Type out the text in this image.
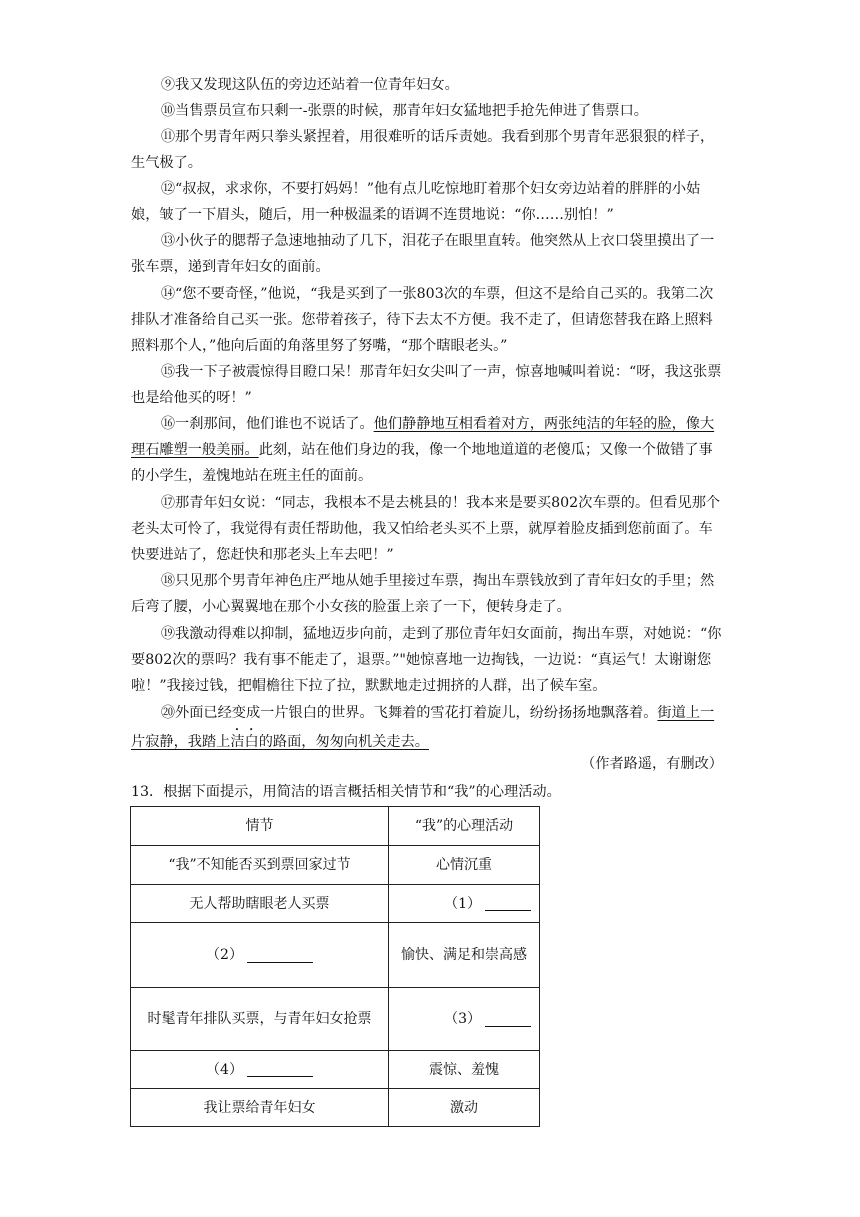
⑨我又发现这队伍的旁边还站着一位青年妇女。

⑩当售票员宣布只剩一-张票的时候，那青年妇女猛地把手抢先伸进了售票口。

⑪那个男青年两只拳头紧捏着，用很难听的话斥责她。我看到那个男青年恶狠狠的样子，生气极了。

⑫“叔叔，求求你，不要打妈妈！”他有点儿吃惊地盯着那个妇女旁边站着的胖胖的小姑娘，皱了一下眉头，随后，用一种极温柔的语调不连贯地说：“你……别怕！”

⑬小伙子的腮帮子急速地抽动了几下，泪花子在眼里直转。他突然从上衣口袋里摸出了一张车票，递到青年妇女的面前。

⑭“您不要奇怪，”他说，“我是买到了一张803次的车票，但这不是给自己买的。我第二次排队才准备给自己买一张。您带着孩子，待下去太不方便。我不走了，但请您替我在路上照料照料那个人，”他向后面的角落里努了努嘴，“那个瞎眼老头。”

⑮我一下子被震惊得目瞪口呆！那青年妇女尖叫了一声，惊喜地喊叫着说：“呀，我这张票也是给他买的呀！”

⑯一刹那间，他们谁也不说话了。他们静静地互相看着对方，两张纯洁的年轻的脸，像大理石雕塑一般美丽。此刻，站在他们身边的我，像一个地地道道的老傻瓜；又像一个做错了事的小学生，羞愧地站在班主任的面前。

⑰那青年妇女说：“同志，我根本不是去桃县的！我本来是要买802次车票的。但看见那个老头太可怜了，我觉得有责任帮助他，我又怕给老头买不上票，就厚着脸皮插到您前面了。车快要进站了，您赶快和那老头上车去吧！”

⑱只见那个男青年神色庄严地从她手里接过车票，掏出车票钱放到了青年妇女的手里；然后弯了腰，小心翼翼地在那个小女孩的脸蛋上亲了一下，便转身走了。

⑲我激动得难以抑制，猛地迈步向前，走到了那位青年妇女面前，掏出车票，对她说：“你要802次的票吗？我有事不能走了，退票。”"她惊喜地一边掏钱，一边说：“真运气！太谢谢您啦！”我接过钱，把帽檐往下拉了拉，默默地走过拥挤的人群，出了候车室。

⑳外面已经变成一片银白的世界。飞舞着的雪花打着旋儿，纷纷扬扬地飘落着。街道上一片寂静，我踏上洁白的路面，匆匆向机关走去。

（作者路遥，有删改）
13．根据下面提示，用简洁的语言概括相关情节和“我”的心理活动。
情节	“我”的心理活动
“我”不知能否买到票回家过节	心情沉重
无人帮助瞎眼老人买票	（1）
（2）	愉快、满足和崇高感
时髦青年排队买票，与青年妇女抢票	（3）
（4）	震惊、羞愧
我让票给青年妇女	激动
